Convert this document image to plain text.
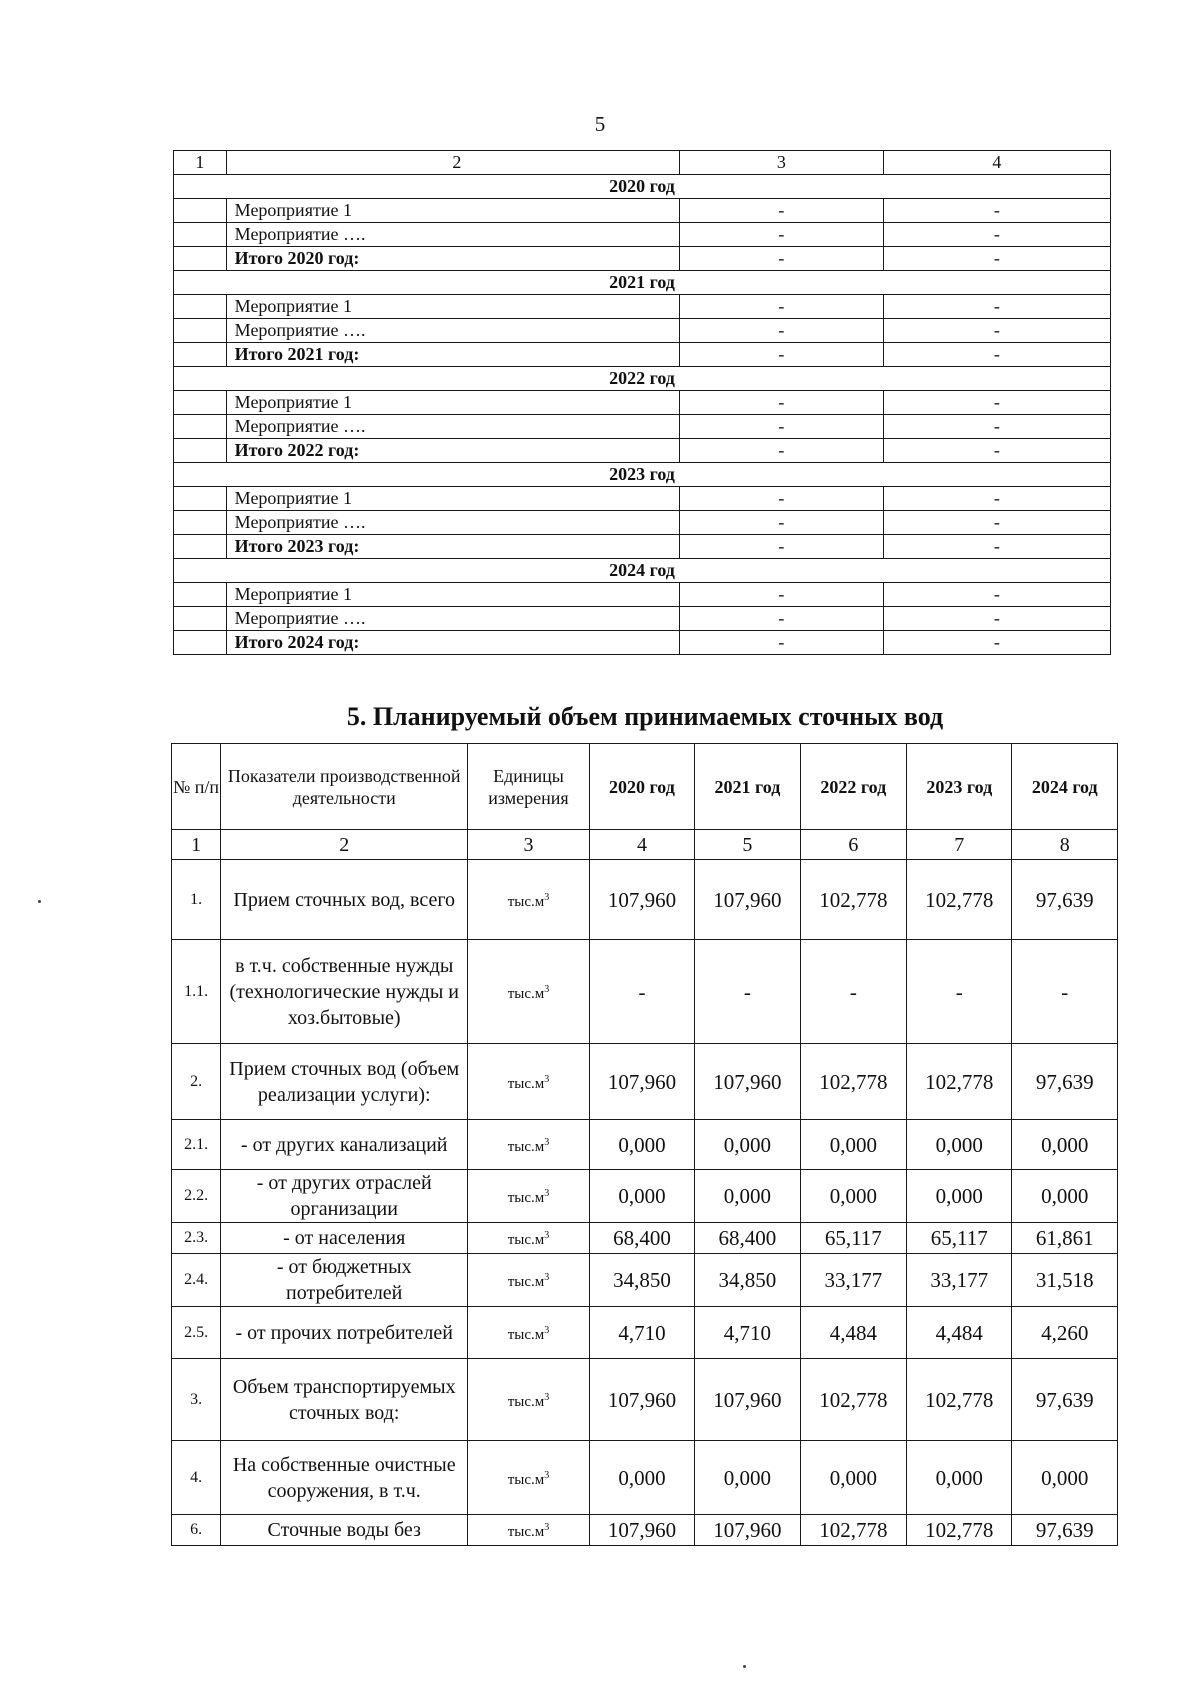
5
1	2	3	4
2020 год			
	Мероприятие 1	-	-
	Мероприятие ….	-	-
	Итого 2020 год:	-	-
2021 год			
	Мероприятие 1	-	-
	Мероприятие ….	-	-
	Итого 2021 год:	-	-
2022 год			
	Мероприятие 1	-	-
	Мероприятие ….	-	-
	Итого 2022 год:	-	-
2023 год			
	Мероприятие 1	-	-
	Мероприятие ….	-	-
	Итого 2023 год:	-	-
2024 год			
	Мероприятие 1	-	-
	Мероприятие ….	-	-
	Итого 2024 год:	-	-
5. Планируемый объем принимаемых сточных вод
№ п/п	Показатели производственной деятельности	Единицы измерения	2020 год	2021 год	2022 год	2023 год	2024 год
1	2	3	4	5	6	7	8
1.	Прием сточных вод, всего	$тыс.м^3$	107,960	107,960	102,778	102,778	97,639
1.1.	в т.ч. собственные нужды (технологические нужды и хоз.бытовые)	$тыс.м^3$	-	-	-	-	-
2.	Прием сточных вод (объем реализации услуги):	$тыс.м^3$	107,960	107,960	102,778	102,778	97,639
2.1.	- от других канализаций	$тыс.м^3$	0,000	0,000	0,000	0,000	0,000
2.2.	- от других отраслей организации	$тыс.м^3$	0,000	0,000	0,000	0,000	0,000
2.3.	- от населения	$тыс.м^3$	68,400	68,400	65,117	65,117	61,861
2.4.	- от бюджетных потребителей	$тыс.м^3$	34,850	34,850	33,177	33,177	31,518
2.5.	- от прочих потребителей	$тыс.м^3$	4,710	4,710	4,484	4,484	4,260
3.	Объем транспортируемых сточных вод:	$тыс.м^3$	107,960	107,960	102,778	102,778	97,639
4.	На собственные очистные сооружения, в т.ч.	$тыс.м^3$	0,000	0,000	0,000	0,000	0,000
6.	Сточные воды без	$тыс.м^3$	107,960	107,960	102,778	102,778	97,639
